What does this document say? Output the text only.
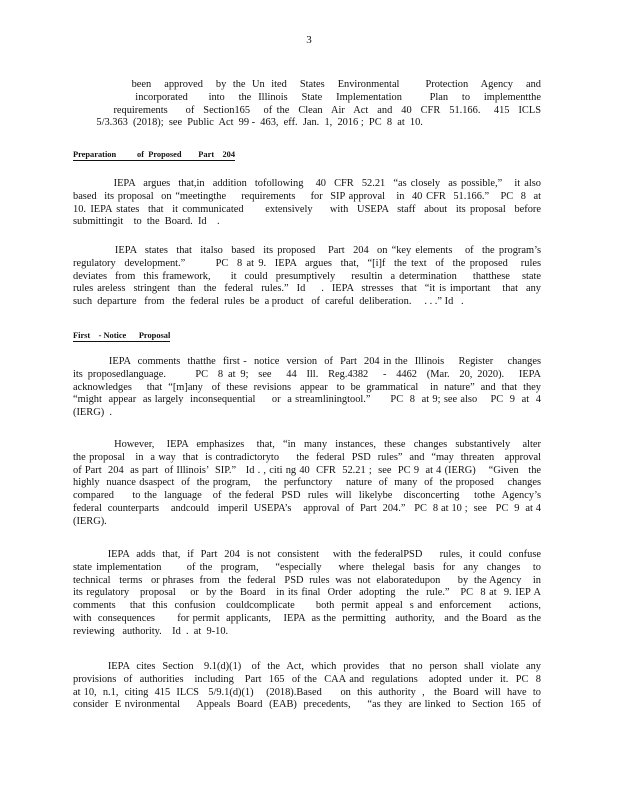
3
been  approved  by the Un ited  States  Environmental    Protection  Agency  and
incorporated   into  the Illinois  State  Implementation    Plan  to  implementthe
requirements    of  Section165   of the  Clean  Air  Act  and  40  CFR  51.166.   415  ICLS
5/3.363  (2018);  see  Public  Act  99 -  463,  eff.  Jan.  1,  2016 ;  PC  8  at  10.
Preparation          of  Proposed        Part    204
IEPA  argues  that,in  addition  tofollowing   40  CFR  52.21  “as closely  as possible,”   it also
based  its proposal  on “meetingthe    requirements    for  SIP approval   in  40 CFR  51.166.”   PC  8  at
10. IEPA states  that  it communicated     extensively    with  USEPA  staff  about  its proposal  before
submittingit    to  the  Board.  Id    .
IEPA  states  that  italso  based  its proposed   Part  204  on “key elements   of  the program’s
regulatory  development.”       PC  8 at 9.  IEPA  argues  that,  “[i]f  the text  of  the proposed   rules
deviates  from  this framework,     it  could  presumptively    resultin  a determination    thatthese   state
rules areless  stringent  than  the  federal  rules.”  Id    .  IEPA  stresses  that  “it is important   that  any
such  departure   from   the  federal  rules  be  a product   of  careful  deliberation.     . . .” Id   .
First    - Notice      Proposal
IEPA  comments  thatthe  first -  notice  version  of  Part  204 in the  Illinois    Register    changes
its proposedlanguage.      PC  8 at 9;  see   44  Ill.  Reg.4382   -  4462  (Mar.  20, 2020).   IEPA
acknowledges     that  “[m]any   of  these  revisions   appear   to  be  grammatical    in  nature”  and  that  they
“might  appear  as largely  inconsequential     or  a streamliningtool.”      PC  8  at 9; see also    PC  9  at  4
(IERG)  .
However,   IEPA  emphasizes   that,  “in  many  instances,  these  changes  substantively   alter
the proposal   in  a way  that  is contradictoryto     the  federal  PSD  rules”  and  “may  threaten   approval
of Part  204  as part  of Illinois’  SIP.”   Id . , citi ng 40  CFR  52.21 ;  see  PC 9  at 4 (IERG)    “Given   the
highly  nuance dsaspect  of  the program,    the  perfunctory    nature  of  many  of  the proposed    changes
compared     to the  language   of  the federal  PSD  rules  will  likelybe   disconcerting    tothe  Agency’s
federal  counterparts    andcould   imperil  USEPA’s    approval  of  Part  204.”   PC  8 at 10 ;  see   PC  9  at 4
(IERG).
IEPA  adds  that,  if  Part  204  is not  consistent    with  the federalPSD     rules,  it could  confuse
state implementation      of the  program,    “especially    where  thelegal  basis  for  any  changes   to
technical   terms   or phrases  from   the  federal   PSD  rules  was  not  elaboratedupon      by  the Agency    in
its regulatory   proposal    or  by the  Board   in its final  Order  adopting   the  rule.”   PC  8 at  9. IEP A
comments    that  this  confusion   couldcomplicate      both  permit  appeal  s and  enforcement     actions,
with  consequences       for permit  applicants,    IEPA  as the  permitting   authority,   and  the Board   as the
reviewing   authority.    Id  .  at  9-10.
IEPA  cites  Section   9.1(d)(1)   of  the  Act,  which  provides   that  no  person  shall  violate  any
provisions  of  authorities   including   Part  165  of the  CAA and  regulations   adopted  under  it.  PC  8
at 10,  n.1,  citing  415  ILCS   5/9.1(d)(1)    (2018).Based      on  this  authority  ,   the  Board  will  have  to
consider  E nvironmental     Appeals  Board  (EAB)  precedents,     “as they  are linked  to  Section  165  of
